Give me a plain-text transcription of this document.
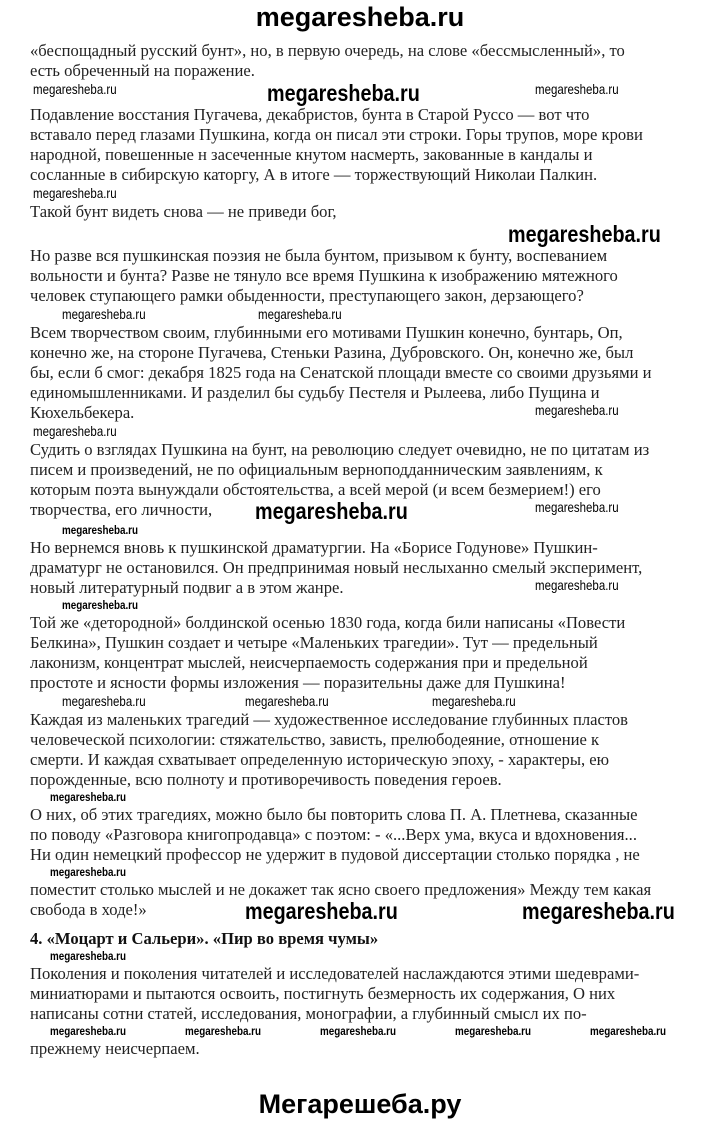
megaresheba.ru
«беспощадный русский бунт», но, в первую очередь, на слове «бессмысленный», то
есть обреченный на поражение.
megaresheba.ru	megaresheba.ru	megaresheba.ru
Подавление восстания Пугачева, декабристов, бунта в Старой Руссо — вот что
вставало перед глазами Пушкина, когда он писал эти строки. Горы трупов, море крови
народной, повешенные н засеченные кнутом насмерть, закованные в кандалы и
сосланные в сибирскую каторгу, А в итоге — торжествующий Николаи Палкин.
megaresheba.ru
Такой бунт видеть снова — не приведи бог,
megaresheba.ru
Но разве вся пушкинская поэзия не была бунтом, призывом к бунту, воспеванием
вольности и бунта? Разве не тянуло все время Пушкина к изображению мятежного
человек ступающего рамки обыденности, преступающего закон, дерзающего?
megaresheba.ru	megaresheba.ru
Всем творчеством своим, глубинными его мотивами Пушкин конечно, бунтарь, Оп,
конечно же, на стороне Пугачева, Стеньки Разина, Дубровского. Он, конечно же, был
бы, если б смог: декабря 1825 года на Сенатской площади вместе со своими друзьями и
единомышленниками. И разделил бы судьбу Пестеля и Рылеева, либо Пущина и
Кюхельбекера.	megaresheba.ru
megaresheba.ru
Судить о взглядах Пушкина на бунт, на революцию следует очевидно, не по цитатам из
писем и произведений, не по официальным верноподданническим заявлениям, к
которым поэта вынуждали обстоятельства, а всей мерой (и всем безмерием!) его
творчества, его личности, megaresheba.ru	megaresheba.ru
megaresheba.ru
Но вернемся вновь к пушкинской драматургии. На «Борисе Годунове» Пушкин-
драматург не остановился. Он предпринимая новый неслыханно смелый эксперимент,
новый литературный подвиг а в этом жанре.	megaresheba.ru
megaresheba.ru
Той же «детородной» болдинской осенью 1830 года, когда били написаны «Повести
Белкина», Пушкин создает и четыре «Маленьких трагедии». Тут — предельный
лаконизм, концентрат мыслей, неисчерпаемость содержания при и предельной
простоте и ясности формы изложения — поразительны даже для Пушкина!
megaresheba.ru	megaresheba.ru	megaresheba.ru
Каждая из маленьких трагедий — художественное исследование глубинных пластов
человеческой психологии: стяжательство, зависть, прелюбодеяние, отношение к
смерти. И каждая схватывает определенную историческую эпоху, - характеры, ею
порожденные, всю полноту и противоречивость поведения героев.
megaresheba.ru
О них, об этих трагедиях, можно было бы повторить слова П. А. Плетнева, сказанные
по поводу «Разговора книгопродавца» с поэтом: - «...Верх ума, вкуса и вдохновения...
Ни один немецкий профессор не удержит в пудовой диссертации столько порядка , не
megaresheba.ru
поместит столько мыслей и не докажет так ясно своего предложения» Между тем какая
свобода в ходе!»	megaresheba.ru	megaresheba.ru
4. «Моцарт и Сальери». «Пир во время чумы»
megaresheba.ru
Поколения и поколения читателей и исследователей наслаждаются этими шедеврами-
миниатюрами и пытаются освоить, постигнуть безмерность их содержания, О них
написаны сотни статей, исследования, монографии, а глубинный смысл их по-
megaresheba.ru	megaresheba.ru	megaresheba.ru	megaresheba.ru	megaresheba.ru
прежнему неисчерпаем.
Мегарешеба.ру
